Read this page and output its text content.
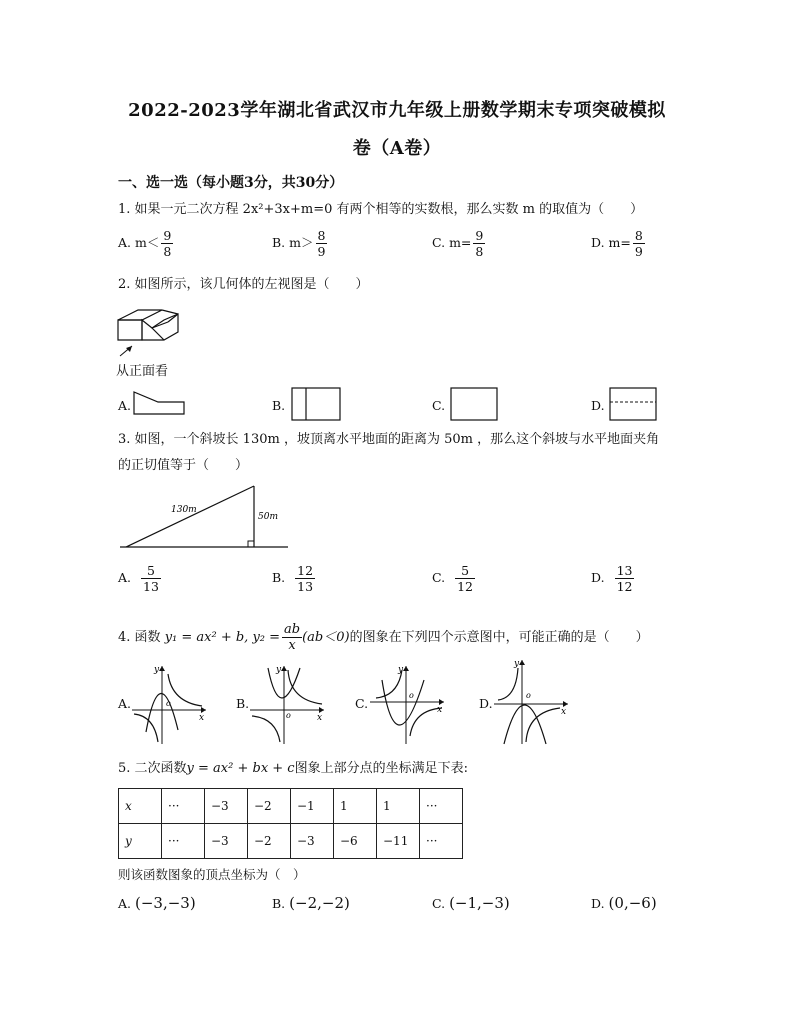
2022-2023学年湖北省武汉市九年级上册数学期末专项突破模拟
卷（A卷）
一、选一选（每小题3分，共30分）
1. 如果一元二次方程 2x²+3x+m=0 有两个相等的实数根，那么实数 m 的取值为（　　）
A. $m< \frac{9}{8}$	B. $m> \frac{8}{9}$	C. $m= \frac{9}{8}$	D. $m= \frac{8}{9}$
2. 如图所示，该几何体的左视图是（　　）
从正面看
A.	B.	C.	D.
3. 如图，一个斜坡长 130m ，坡顶离水平地面的距离为 50m ，那么这个斜坡与水平地面夹角
的正切值等于（　　）
130m
50m
A. $\frac{5}{13}$	B. $\frac{12}{13}$	C. $\frac{5}{12}$	D. $\frac{13}{12}$
4. 函数 y₁ = ax² + b, $y_2 = \frac{ab}{x} (ab<0)$的图象在下列四个示意图中，可能正确的是（　　）
A.
y
x
o	B.
y
x
o
C.
y
x
o
D.
y
x
o
5. 二次函数y = ax² + bx + c图象上部分点的坐标满足下表:
x	···	−3	−2	−1	1	1	···
y	···	−3	−2	−3	−6	−11	···
则该函数图象的顶点坐标为（　）
A. (−3,−3)	B. (−2,−2)	C. (−1,−3)	D. (0,−6)
